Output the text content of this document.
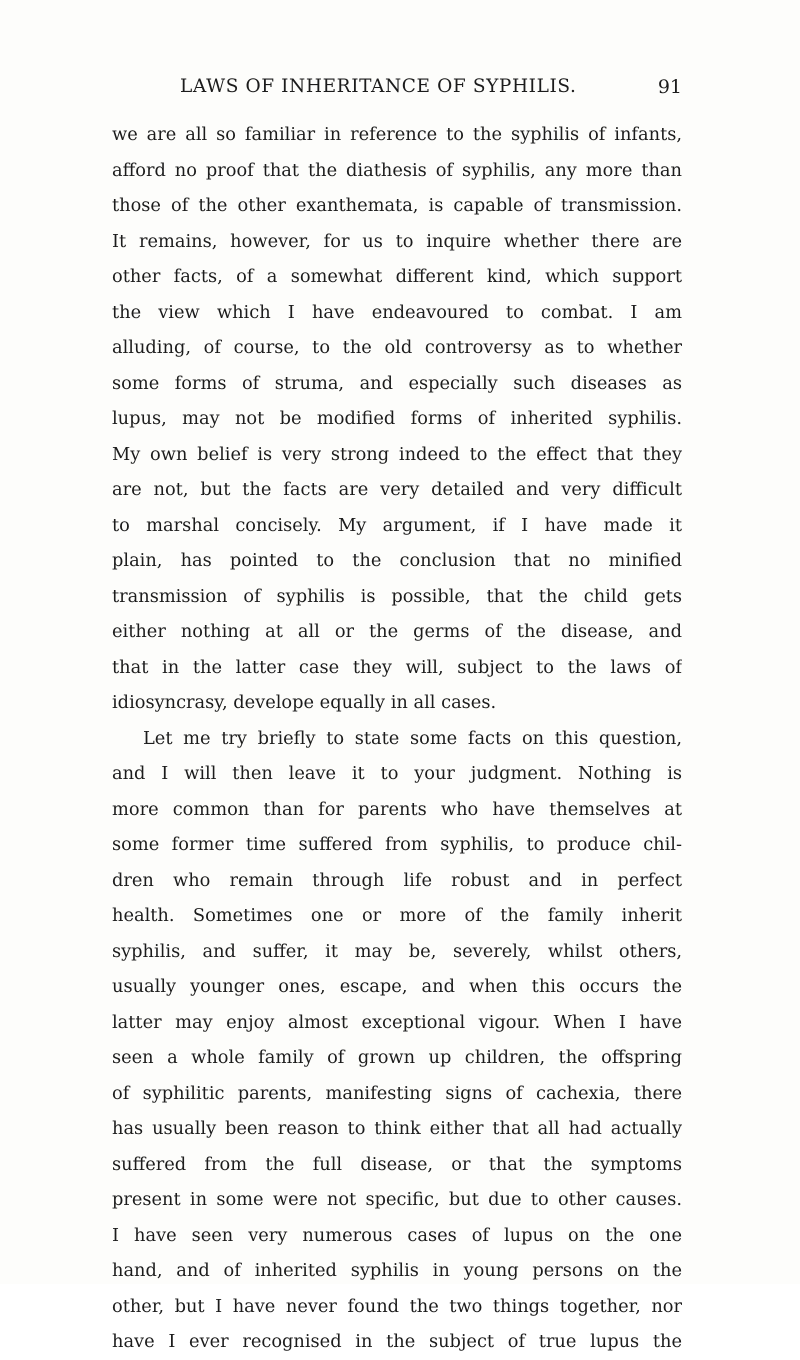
LAWS OF INHERITANCE OF SYPHILIS.	91
we are all so familiar in reference to the syphilis of infants,
afford no proof that the diathesis of syphilis, any more than
those of the other exanthemata, is capable of transmission.
It remains, however, for us to inquire whether there are
other facts, of a somewhat different kind, which support
the view which I have endeavoured to combat. I am
alluding, of course, to the old controversy as to whether
some forms of struma, and especially such diseases as
lupus, may not be modified forms of inherited syphilis.
My own belief is very strong indeed to the effect that they
are not, but the facts are very detailed and very difficult
to marshal concisely. My argument, if I have made it
plain, has pointed to the conclusion that no minified
transmission of syphilis is possible, that the child gets
either nothing at all or the germs of the disease, and
that in the latter case they will, subject to the laws of
idiosyncrasy, develope equally in all cases.
Let me try briefly to state some facts on this question,
and I will then leave it to your judgment. Nothing is
more common than for parents who have themselves at
some former time suffered from syphilis, to produce chil-
dren who remain through life robust and in perfect
health. Sometimes one or more of the family inherit
syphilis, and suffer, it may be, severely, whilst others,
usually younger ones, escape, and when this occurs the
latter may enjoy almost exceptional vigour. When I have
seen a whole family of grown up children, the offspring
of syphilitic parents, manifesting signs of cachexia, there
has usually been reason to think either that all had actually
suffered from the full disease, or that the symptoms
present in some were not specific, but due to other causes.
I have seen very numerous cases of lupus on the one
hand, and of inherited syphilis in young persons on the
other, but I have never found the two things together, nor
have I ever recognised in the subject of true lupus the
